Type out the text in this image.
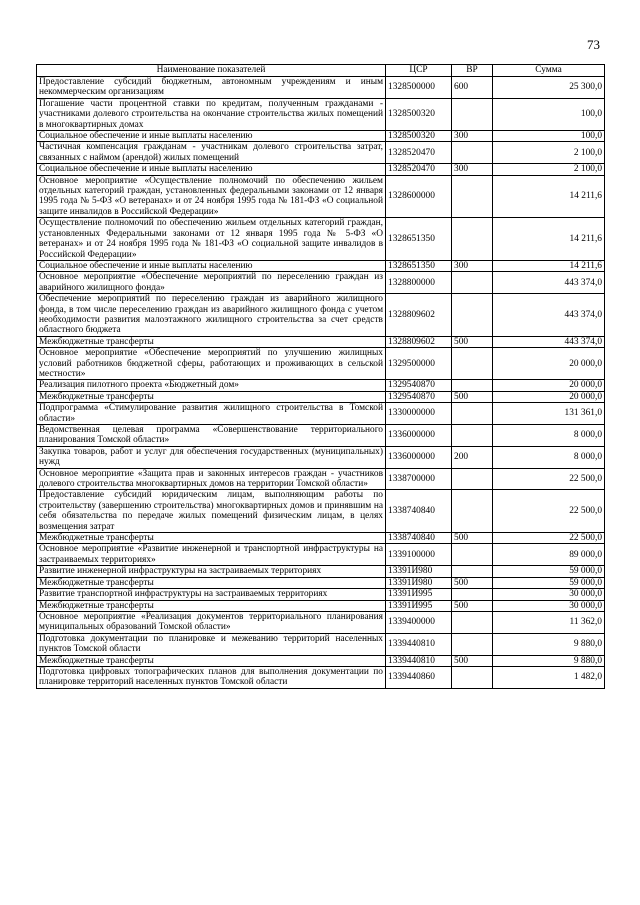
73
Наименование показателей	ЦСР	ВР	Сумма
Предоставление субсидий бюджетным, автономным учреждениям и иным некоммерческим организациям	1328500000	600	25 300,0
Погашение части процентной ставки по кредитам, полученным гражданами - участниками долевого строительства на окончание строительства жилых помещений в многоквартирных домах	1328500320		100,0
Социальное обеспечение и иные выплаты населению	1328500320	300	100,0
Частичная компенсация гражданам - участникам долевого строительства затрат, связанных с наймом (арендой) жилых помещений	1328520470		2 100,0
Социальное обеспечение и иные выплаты населению	1328520470	300	2 100,0
Основное мероприятие «Осуществление полномочий по обеспечению жильем отдельных категорий граждан, установленных федеральными законами от 12 января 1995 года № 5-ФЗ «О ветеранах» и от 24 ноября 1995 года № 181-ФЗ «О социальной защите инвалидов в Российской Федерации»	1328600000		14 211,6
Осуществление полномочий по обеспечению жильем отдельных категорий граждан, установленных Федеральными законами от 12 января 1995 года № 5-ФЗ «О ветеранах» и от 24 ноября 1995 года № 181-ФЗ «О социальной защите инвалидов в Российской Федерации»	1328651350		14 211,6
Социальное обеспечение и иные выплаты населению	1328651350	300	14 211,6
Основное мероприятие «Обеспечение мероприятий по переселению граждан из аварийного жилищного фонда»	1328800000		443 374,0
Обеспечение мероприятий по переселению граждан из аварийного жилищного фонда, в том числе переселению граждан из аварийного жилищного фонда с учетом необходимости развития малоэтажного жилищного строительства за счет средств областного бюджета	1328809602		443 374,0
Межбюджетные трансферты	1328809602	500	443 374,0
Основное мероприятие «Обеспечение мероприятий по улучшению жилищных условий работников бюджетной сферы, работающих и проживающих в сельской местности»	1329500000		20 000,0
Реализация пилотного проекта «Бюджетный дом»	1329540870		20 000,0
Межбюджетные трансферты	1329540870	500	20 000,0
Подпрограмма «Стимулирование развития жилищного строительства в Томской области»	1330000000		131 361,0
Ведомственная целевая программа «Совершенствование территориального планирования Томской области»	1336000000		8 000,0
Закупка товаров, работ и услуг для обеспечения государственных (муниципальных) нужд	1336000000	200	8 000,0
Основное мероприятие «Защита прав и законных интересов граждан - участников долевого строительства многоквартирных домов на территории Томской области»	1338700000		22 500,0
Предоставление субсидий юридическим лицам, выполняющим работы по строительству (завершению строительства) многоквартирных домов и принявшим на себя обязательства по передаче жилых помещений физическим лицам, в целях возмещения затрат	1338740840		22 500,0
Межбюджетные трансферты	1338740840	500	22 500,0
Основное мероприятие «Развитие инженерной и транспортной инфраструктуры на застраиваемых территориях»	1339100000		89 000,0
Развитие инженерной инфраструктуры на застраиваемых территориях	13391И980		59 000,0
Межбюджетные трансферты	13391И980	500	59 000,0
Развитие транспортной инфраструктуры на застраиваемых территориях	13391И995		30 000,0
Межбюджетные трансферты	13391И995	500	30 000,0
Основное мероприятие «Реализация документов территориального планирования муниципальных образований Томской области»	1339400000		11 362,0
Подготовка документации по планировке и межеванию территорий населенных пунктов Томской области	1339440810		9 880,0
Межбюджетные трансферты	1339440810	500	9 880,0
Подготовка цифровых топографических планов для выполнения документации по планировке территорий населенных пунктов Томской области	1339440860		1 482,0
